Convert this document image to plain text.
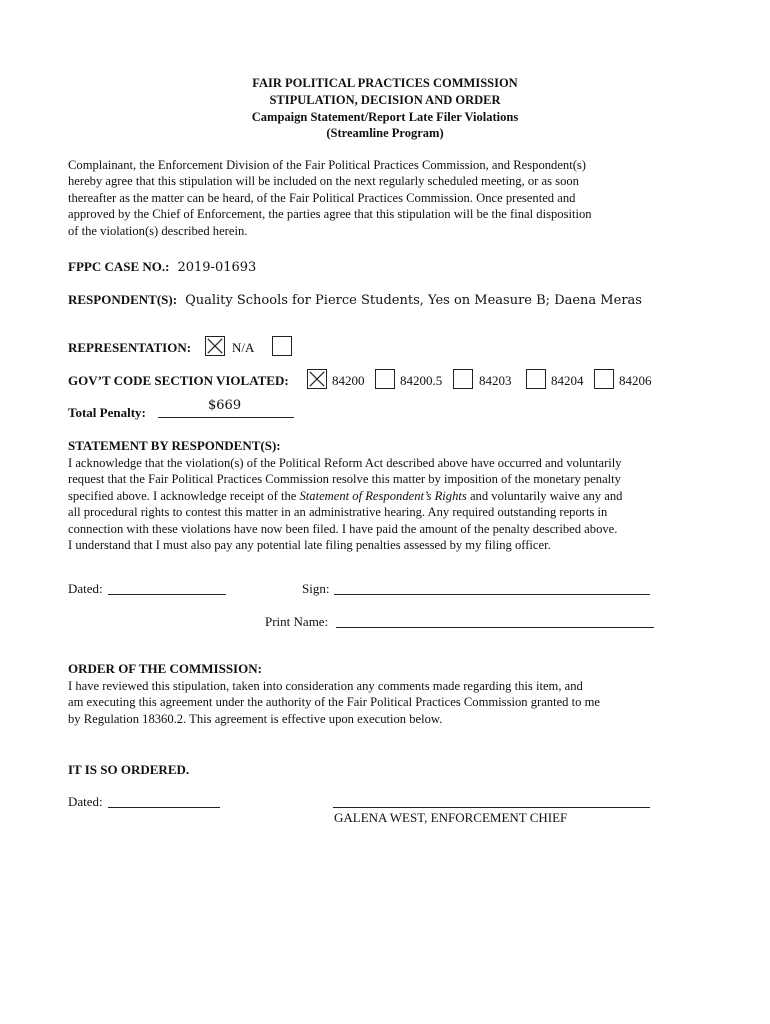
FAIR POLITICAL PRACTICES COMMISSION
STIPULATION, DECISION AND ORDER
Campaign Statement/Report Late Filer Violations
(Streamline Program)

Complainant, the Enforcement Division of the Fair Political Practices Commission, and Respondent(s)

hereby agree that this stipulation will be included on the next regularly scheduled meeting, or as soon

thereafter as the matter can be heard, of the Fair Political Practices Commission. Once presented and

approved by the Chief of Enforcement, the parties agree that this stipulation will be the final disposition

of the violation(s) described herein.

FPPC CASE NO.: 2019-01693
RESPONDENT(S): Quality Schools for Pierce Students, Yes on Measure B; Daena Meras
REPRESENTATION:	N/A
GOV’T CODE SECTION VIOLATED:	84200	84200.5	84203	84204	84206
Total Penalty:	$669
STATEMENT BY RESPONDENT(S):

I acknowledge that the violation(s) of the Political Reform Act described above have occurred and voluntarily

request that the Fair Political Practices Commission resolve this matter by imposition of the monetary penalty

specified above. I acknowledge receipt of the Statement of Respondent’s Rights and voluntarily waive any and

all procedural rights to contest this matter in an administrative hearing. Any required outstanding reports in

connection with these violations have now been filed. I have paid the amount of the penalty described above.

I understand that I must also pay any potential late filing penalties assessed by my filing officer.

Dated:	Sign:
Print Name:
ORDER OF THE COMMISSION:

I have reviewed this stipulation, taken into consideration any comments made regarding this item, and

am executing this agreement under the authority of the Fair Political Practices Commission granted to me

by Regulation 18360.2. This agreement is effective upon execution below.

IT IS SO ORDERED.
Dated:
GALENA WEST, ENFORCEMENT CHIEF
